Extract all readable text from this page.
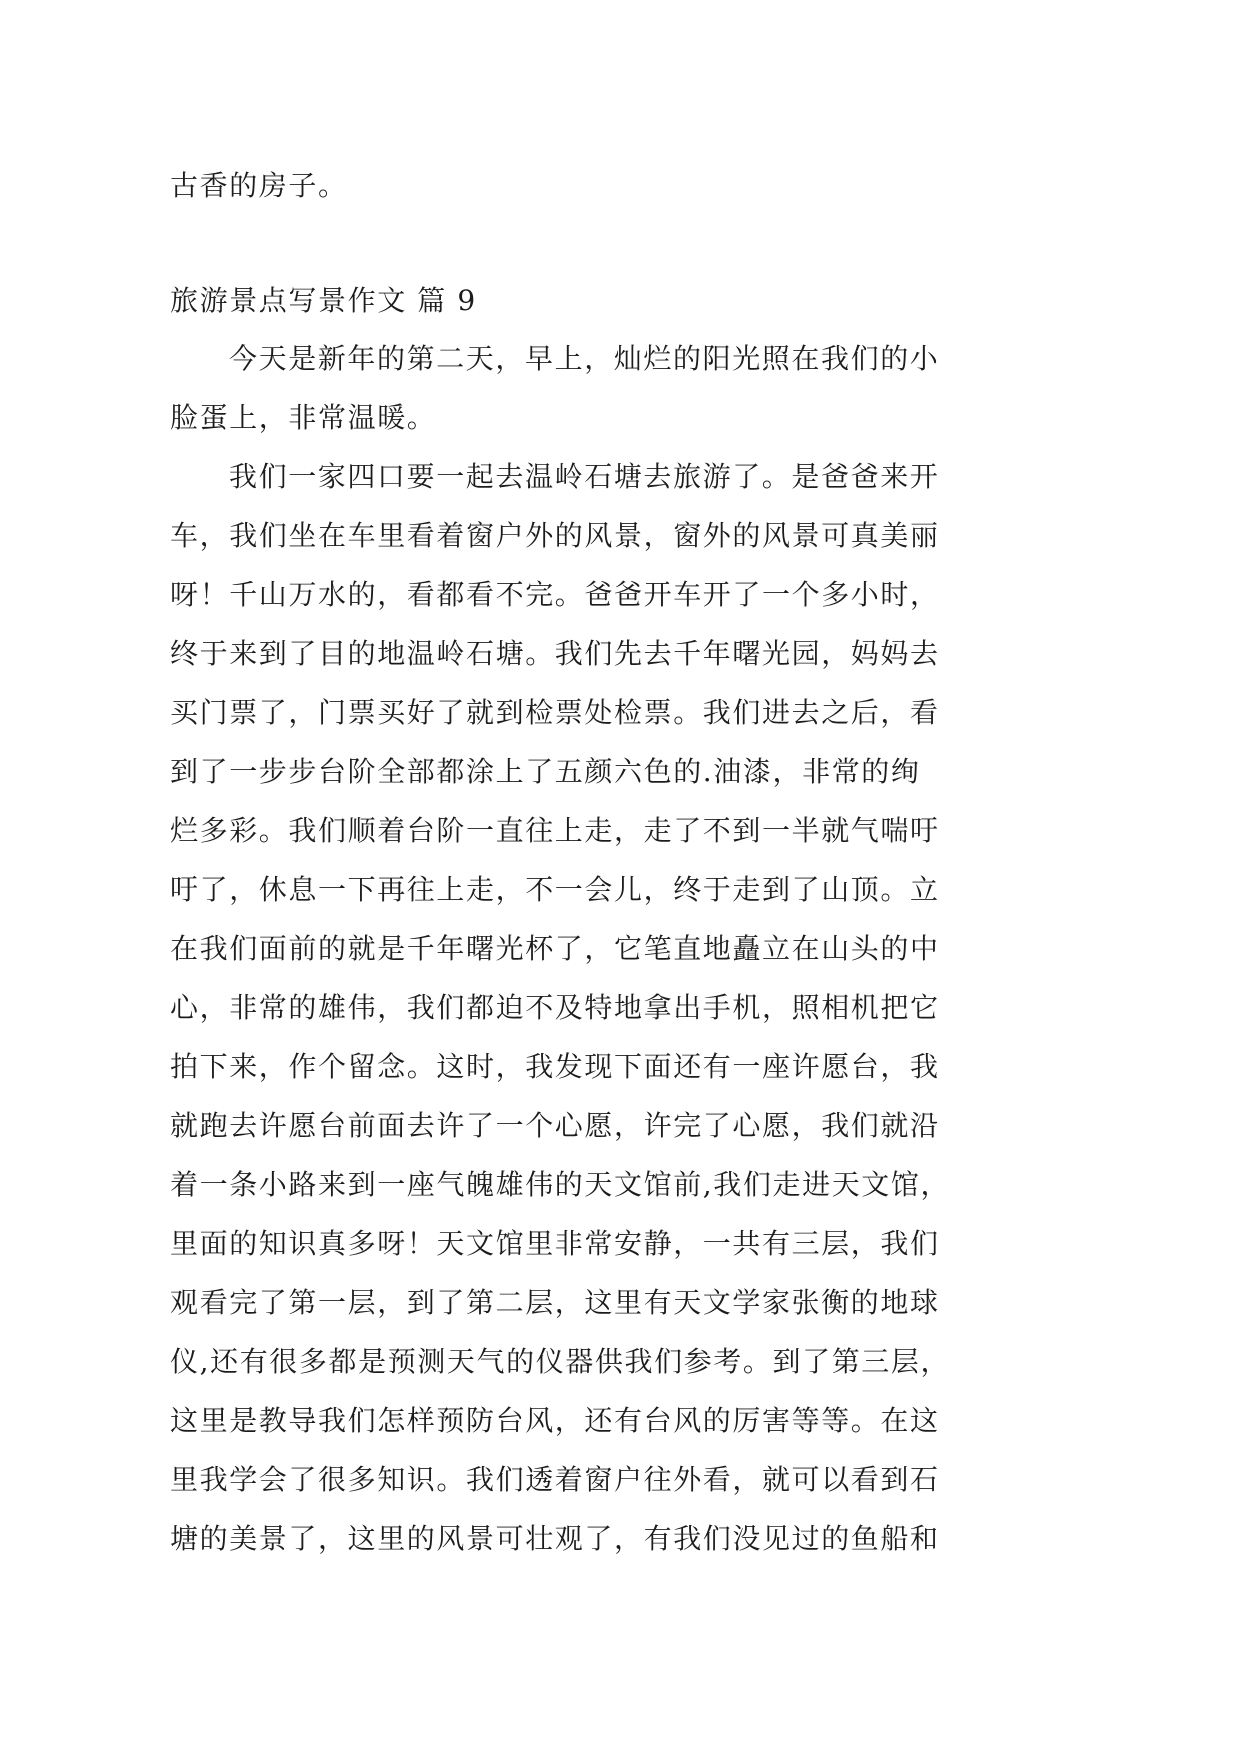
古香的房子。
旅游景点写景作文 篇 9
今天是新年的第二天，早上，灿烂的阳光照在我们的小
脸蛋上，非常温暖。
我们一家四口要一起去温岭石塘去旅游了。是爸爸来开
车，我们坐在车里看着窗户外的风景，窗外的风景可真美丽
呀！千山万水的，看都看不完。爸爸开车开了一个多小时，
终于来到了目的地温岭石塘。我们先去千年曙光园，妈妈去
买门票了，门票买好了就到检票处检票。我们进去之后，看
到了一步步台阶全部都涂上了五颜六色的.油漆，非常的绚
烂多彩。我们顺着台阶一直往上走，走了不到一半就气喘吁
吁了，休息一下再往上走，不一会儿，终于走到了山顶。立
在我们面前的就是千年曙光杯了，它笔直地矗立在山头的中
心，非常的雄伟，我们都迫不及特地拿出手机，照相机把它
拍下来，作个留念。这时，我发现下面还有一座许愿台，我
就跑去许愿台前面去许了一个心愿，许完了心愿，我们就沿
着一条小路来到一座气魄雄伟的天文馆前,我们走进天文馆，
里面的知识真多呀！天文馆里非常安静，一共有三层，我们
观看完了第一层，到了第二层，这里有天文学家张衡的地球
仪,还有很多都是预测天气的仪器供我们参考。到了第三层，
这里是教导我们怎样预防台风，还有台风的厉害等等。在这
里我学会了很多知识。我们透着窗户往外看，就可以看到石
塘的美景了，这里的风景可壮观了，有我们没见过的鱼船和
